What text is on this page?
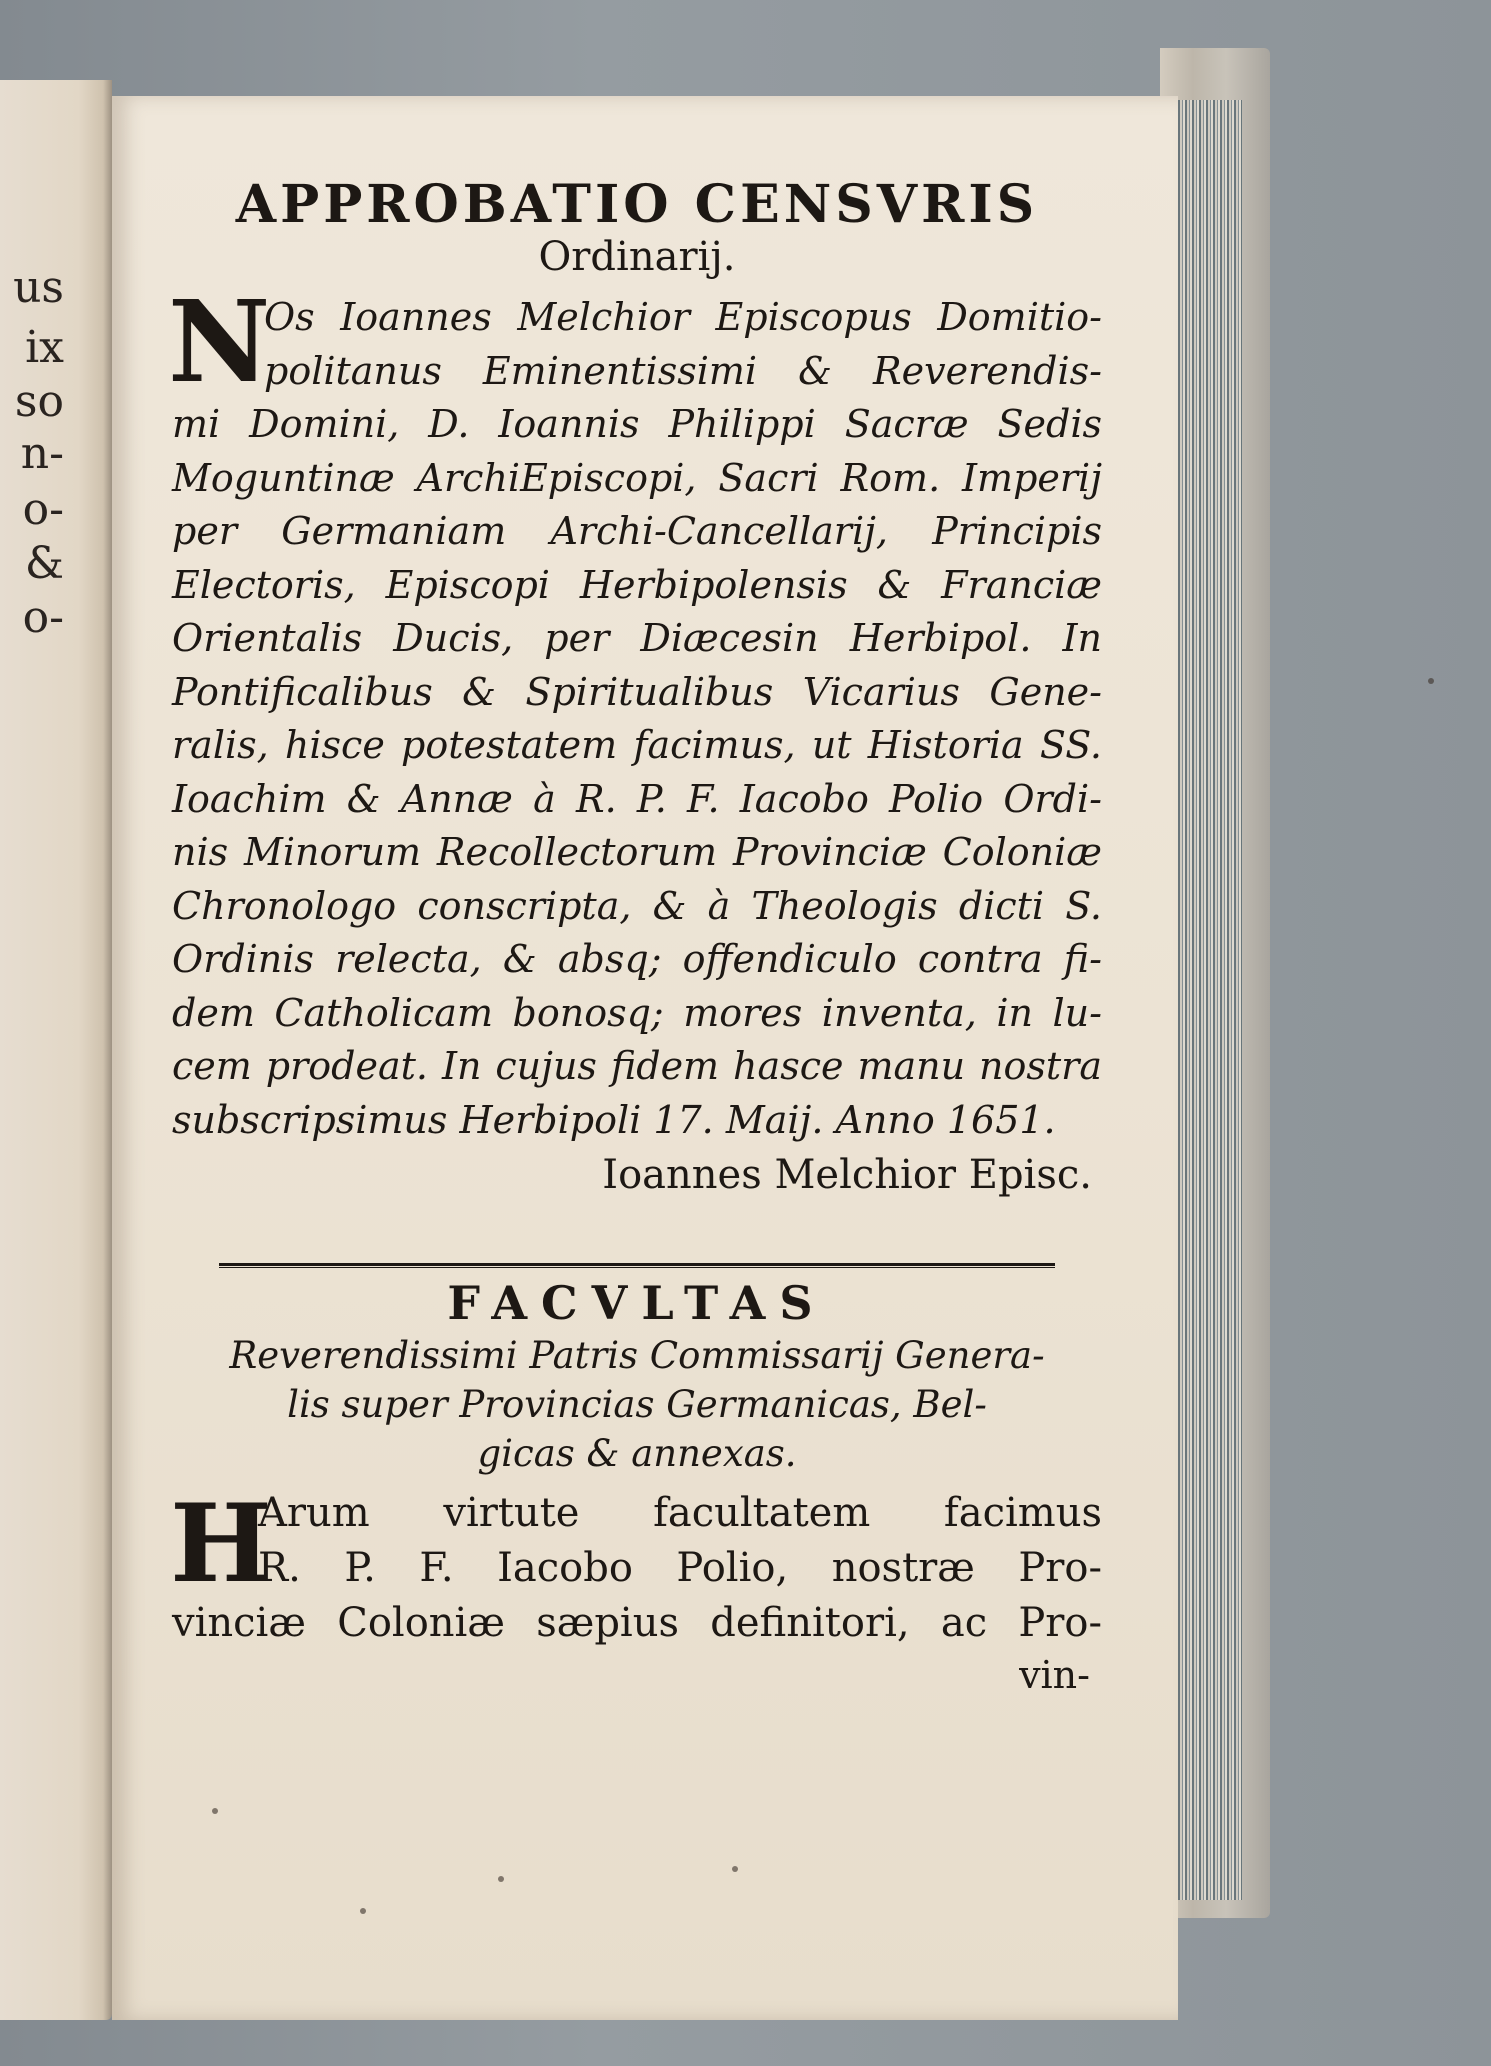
us
ix
so
n-
o-
&
o-
APPROBATIO CENSVRIS

Ordinarij.

N
Os Ioannes Melchior Episcopus Domitio-
politanus Eminentissimi & Reverendis-
mi Domini, D. Ioannis Philippi Sacræ Sedis
Moguntinæ ArchiEpiscopi, Sacri Rom. Imperij
per Germaniam Archi-Cancellarij, Principis
Electoris, Episcopi Herbipolensis & Franciæ
Orientalis Ducis, per Diæcesin Herbipol. In
Pontificalibus & Spiritualibus Vicarius Gene-
ralis, hisce potestatem facimus, ut Historia SS.
Ioachim & Annæ à R. P. F. Iacobo Polio Ordi-
nis Minorum Recollectorum Provinciæ Coloniæ
Chronologo conscripta, & à Theologis dicti S.
Ordinis relecta, & absq; offendiculo contra fi-
dem Catholicam bonosq; mores inventa, in lu-
cem prodeat. In cujus fidem hasce manu nostra
subscripsimus Herbipoli 17. Maij. Anno 1651.

Ioannes Melchior Episc.

FACVLTAS
Reverendissimi Patris Commissarij Genera-
lis super Provincias Germanicas, Bel-
gicas & annexas.
H
Arum virtute facultatem facimus
R. P. F. Iacobo Polio, nostræ Pro-
vinciæ Coloniæ sæpius definitori, ac Pro-

vin-
